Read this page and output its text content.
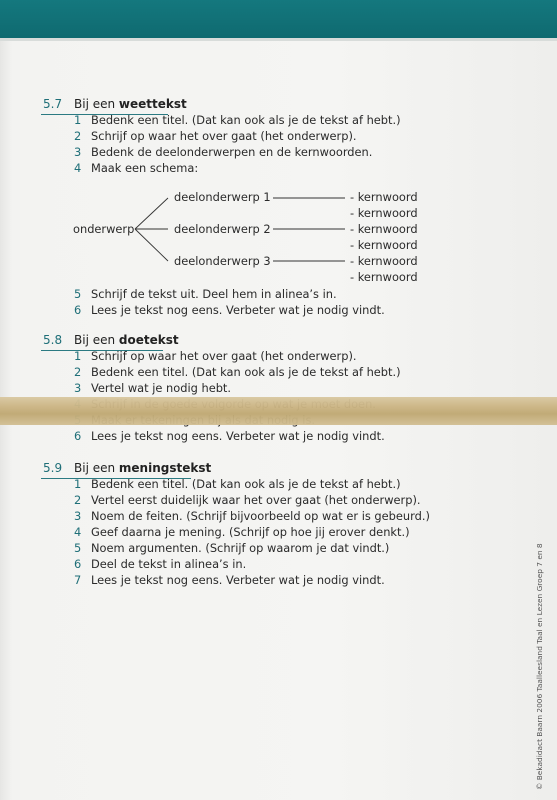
5.7 Bij een weettekst
1 Bedenk een titel. (Dat kan ook als je de tekst af hebt.)
2 Schrijf op waar het over gaat (het onderwerp).
3 Bedenk de deelonderwerpen en de kernwoorden.
4 Maak een schema:
onderwerp
deelonderwerp 1
deelonderwerp 2
deelonderwerp 3
- kernwoord
- kernwoord
- kernwoord
- kernwoord
- kernwoord
- kernwoord
5 Schrijf de tekst uit. Deel hem in alinea’s in.
6 Lees je tekst nog eens. Verbeter wat je nodig vindt.
5.8 Bij een doetekst
1 Schrijf op waar het over gaat (het onderwerp).
2 Bedenk een titel. (Dat kan ook als je de tekst af hebt.)
3 Vertel wat je nodig hebt.
6 Lees je tekst nog eens. Verbeter wat je nodig vindt.
5.9 Bij een meningstekst
1 Bedenk een titel. (Dat kan ook als je de tekst af hebt.)
2 Vertel eerst duidelijk waar het over gaat (het onderwerp).
3 Noem de feiten. (Schrijf bijvoorbeeld op wat er is gebeurd.)
4 Geef daarna je mening. (Schrijf op hoe jij erover denkt.)
5 Noem argumenten. (Schrijf op waarom je dat vindt.)
6 Deel de tekst in alinea’s in.
7 Lees je tekst nog eens. Verbeter wat je nodig vindt.	© Bekadidact Baarn 2006 Taalleesland Taal en Lezen Groep 7 en 8
